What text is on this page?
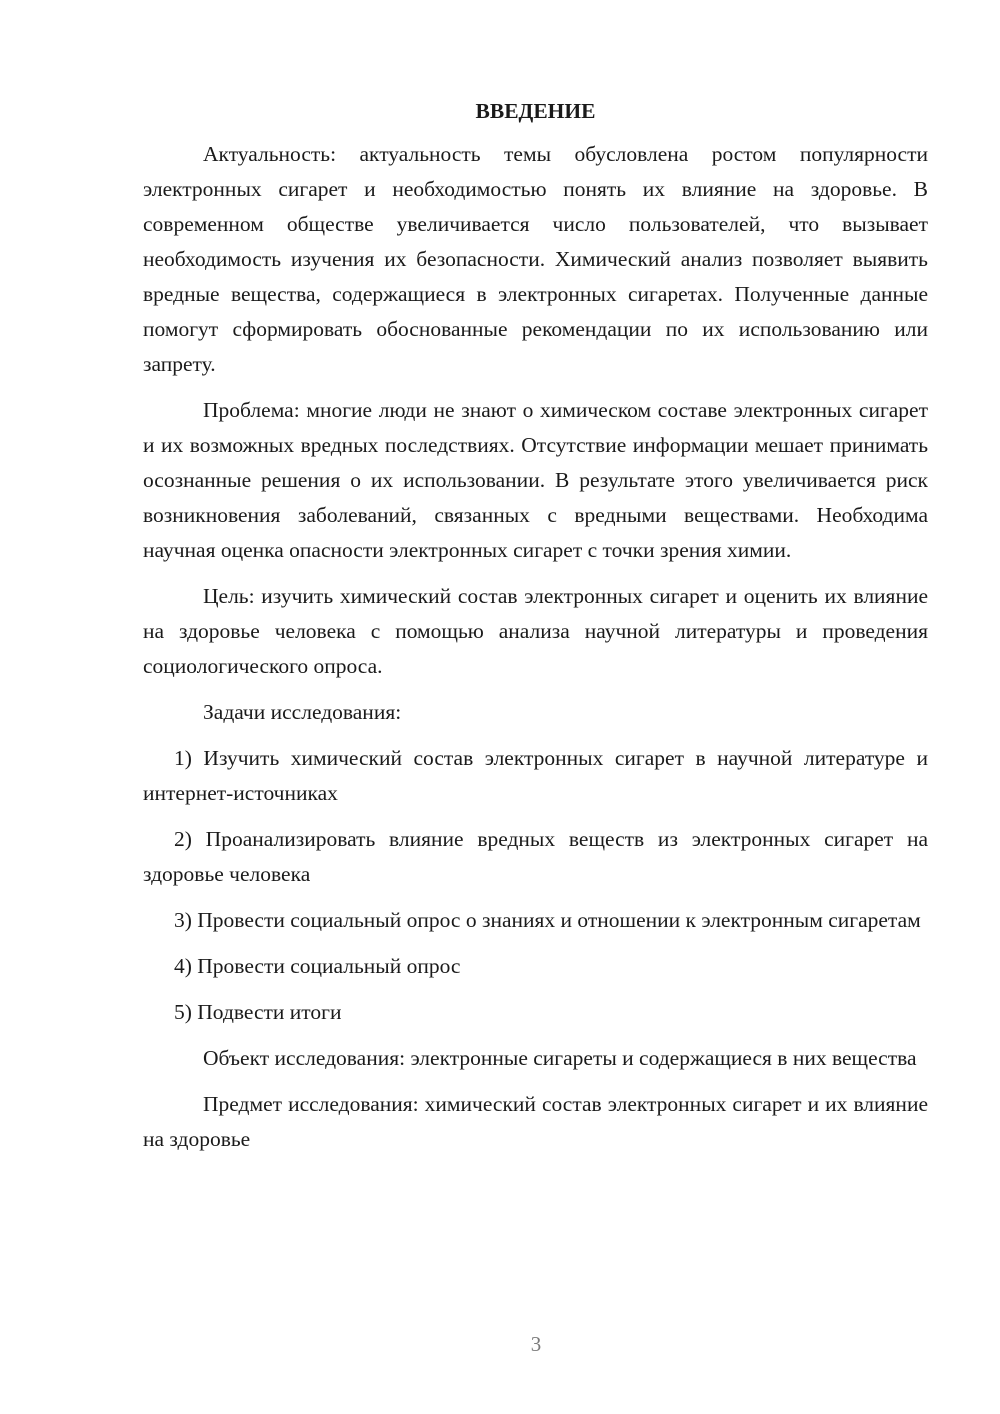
ВВЕДЕНИЕ

Актуальность: актуальность темы обусловлена ростом популярности электронных сигарет и необходимостью понять их влияние на здоровье. В современном обществе увеличивается число пользователей, что вызывает необходимость изучения их безопасности. Химический анализ позволяет выявить вредные вещества, содержащиеся в электронных сигаретах. Полученные данные помогут сформировать обоснованные рекомендации по их использованию или запрету.

Проблема: многие люди не знают о химическом составе электронных сигарет и их возможных вредных последствиях. Отсутствие информации мешает принимать осознанные решения о их использовании. В результате этого увеличивается риск возникновения заболеваний, связанных с вредными веществами. Необходима научная оценка опасности электронных сигарет с точки зрения химии.

Цель: изучить химический состав электронных сигарет и оценить их влияние на здоровье человека с помощью анализа научной литературы и проведения социологического опроса.

Задачи исследования:

1) Изучить химический состав электронных сигарет в научной литературе и интернет-источниках

2) Проанализировать влияние вредных веществ из электронных сигарет на здоровье человека

3) Провести социальный опрос о знаниях и отношении к электронным сигаретам

4) Провести социальный опрос

5) Подвести итоги

Объект исследования: электронные сигареты и содержащиеся в них вещества

Предмет исследования: химический состав электронных сигарет и их влияние на здоровье

3
